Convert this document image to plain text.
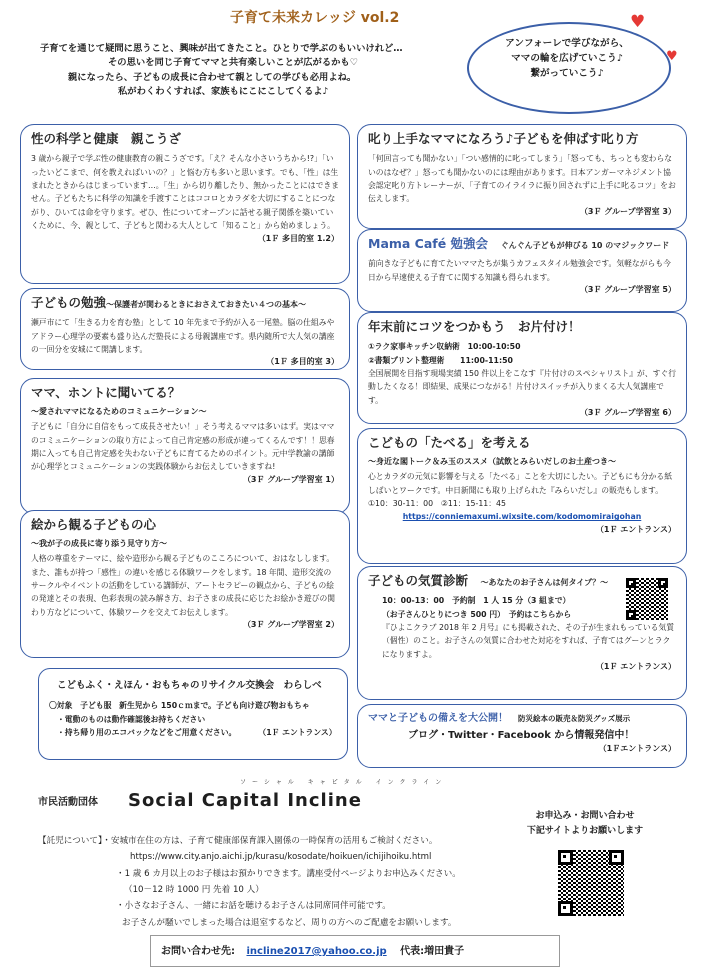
子育て未来カレッジ vol.2
子育てを通じて疑問に思うこと、興味が出てきたこと。ひとりで学ぶのもいいけれど…
その思いを同じ子育てママと共有楽しいことが広がるかも♡
親になったら、子どもの成長に合わせて親としての学びも必用よね。
私がわくわくすれば、家族もにこにこしてくるよ♪
アンフォーレで学びながら、
ママの輪を広げていこう♪
繋がっていこう♪
♥
♥
性の科学と健康　親こうざ
3 歳から親子で学ぶ性の健康教育の親こうざです。「え？そんな小さいうちから!?」「いったいどこまで、何を教えればいいの？」と悩む方も多いと思います。でも、「性」は生まれたときからはじまっています…。「生」から切り離したり、無かったことにはできません。子どもたちに科学の知識を手渡すことはココロとカラダを大切にすることにつながり、ひいては命を守ります。ぜひ、性についてオープンに話せる親子関係を築いていくために、今、親として、子どもと関わる大人として「知ること」から始めましょう。
（1Ｆ 多目的室 1.2）
子どもの勉強～保護者が関わるときにおさえておきたい４つの基本～
瀬戸市にて「生きる力を育む塾」として 10 年先まで予約が入る一尾塾。脳の仕組みやアドラー心理学の要素も盛り込んだ塾長による母親講座です。県内随所で大人気の講座の一回分を安城にて開講します。
（1Ｆ 多目的室 3）
ママ、ホントに聞いてる？
～愛されママになるためのコミュニケーション～
子どもに「自分に自信をもって成長させたい！」そう考えるママは多いはず。実はママのコミュニケーションの取り方によって自己肯定感の形成が違ってくるんです！！思春期に入っても自己肯定感を失わない子どもに育てるためのポイント。元中学教諭の講師が心理学とコミュニケーションの実践体験からお伝えしていきますね!
（3Ｆ グループ学習室 1）
絵から観る子どもの心
～我が子の成長に寄り添う見守り方～
人格の尊重をテーマに、絵や造形から観る子どものこころについて、おはなしします。また、誰もが持つ「感性」の違いを感じる体験ワークをします。18 年間、造形交流のサークルやイベントの活動をしている講師が、アートセラピーの観点から、子どもの絵の発達とその表現、色彩表現の読み解き方、お子さまの成長に応じたお絵かき遊びの関わり方などについて、体験ワークを交えてお伝えします。
（3Ｆ グループ学習室 2）
こどもふく・えほん・おもちゃのリサイクル交換会　わらしべ
〇対象　子ども服　新生児から 150ｃｍまで。子ども向け遊び物おもちゃ
・電動のものは動作確認後お持ちください
・持ち帰り用のエコバックなどをご用意ください。	（1Ｆ エントランス）
叱り上手なママになろう♪子どもを伸ばす叱り方
「何回言っても聞かない」「つい感情的に叱ってしまう」「怒っても、ちっとも変わらないのはなぜ？」怒っても聞かないのには理由があります。日本アンガーマネジメント協会認定叱り方トレーナーが、「子育てのイライラに振り回されずに上手に叱るコツ」をお伝えします。
（3Ｆ グループ学習室 3）
Mama Café 勉強会　 ぐんぐん子どもが伸びる 10 のマジックワード
前向きな子どもに育てたいママたちが集うカフェスタイル勉強会です。気軽ながらも今日から早速使える子育てに関する知識も得られます。
（3Ｆ グループ学習室 5）
年末前にコツをつかもう　お片付け！
①ラク家事キッチン収納術　10:00-10:50
②書類プリント整理術　　11:00-11:50
全国展開を目指す現場実績 150 件以上をこなす『片付けのスペシャリスト』が、すぐ行動したくなる！即結果、成果につながる！片付けスイッチが入りまくる大人気講座です。
（3Ｆ グループ学習室 6）
こどもの「たべる」を考える
～身近な閣トーク＆み玉のススメ（試飲とみらいだしのお土産つき～
心とカラダの元気に影響を与える「たべる」ことを大切にしたい。子どもにも分かる紙しばいとワークです。中日新聞にも取り上げられた『みらいだし』の販売もします。　①10：30-11：00　②11：15-11：45
https://conniemaxumi.wixsite.com/kodomomiraigohan
（1Ｆ エントランス）
子どもの気質診断　 ～あなたのお子さんは何タイプ？～
10：00-13：00　予約制　1 人 15 分（3 組まで）
（お子さんひとりにつき 500 円）　予約はこちらから
『ひよこクラブ 2018 年 2 月号』にも掲載された、その子が生まれもっている気質（個性）のこと。お子さんの気質に合わせた対応をすれば、子育てはグーンとラクになりますよ。
（1Ｆ エントランス）
ママと子どもの備えを大公開！　 防災絵本の販売＆防災グッズ展示
ブログ・Twitter・Facebook から情報発信中！
（1Ｆエントランス）
ソーシャル キャピタル インクライン
市民活動団体 Social Capital Incline
【託児について】・安城市在住の方は、子育て健康部保育課入園係の一時保育の活用もご検討ください。
https://www.city.anjo.aichi.jp/kurasu/kosodate/hoikuen/ichijihoiku.html
・1 歳 6 カ月以上のお子様はお預かりできます。講座受付ページよりお申込みください。
（10－12 時 1000 円 先着 10 人）
・小さなお子さん、一緒にお話を聴けるお子さんは同席同伴可能です。
お子さんが騒いでしまった場合は退室するなど、周りの方へのご配慮をお願いします。
お申込み・お問い合わせ
下記サイトよりお願いします
お問い合わせ先: incline2017@yahoo.co.jp 代表:増田貴子
